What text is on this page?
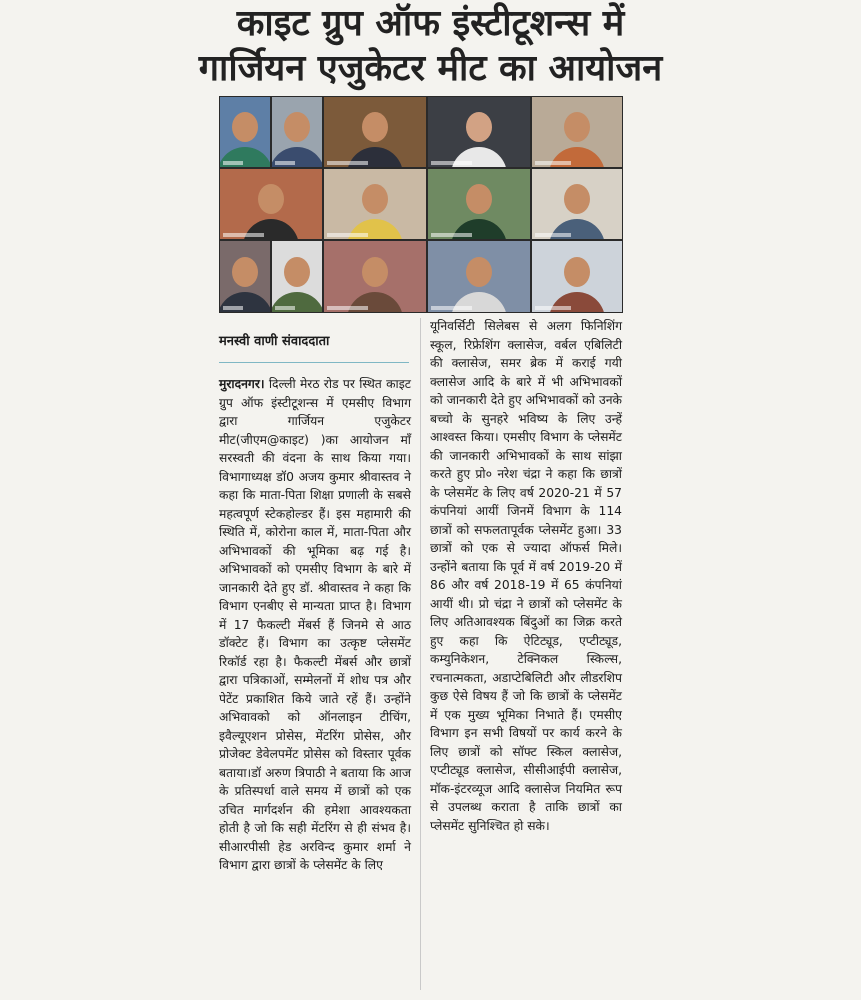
काइट ग्रुप ऑफ इंस्टीटूशन्स में
गार्जियन एजुकेटर मीट का आयोजन
मनस्वी वाणी संवाददाता
मुरादनगर। दिल्ली मेरठ रोड पर स्थित काइट ग्रुप ऑफ इंस्टीटूशन्स में एमसीए विभाग द्वारा गार्जियन एजुकेटर मीट(जीएम@काइट) )का आयोजन माँ सरस्वती की वंदना के साथ किया गया। विभागाध्यक्ष डॉ0 अजय कुमार श्रीवास्तव ने कहा कि माता-पिता शिक्षा प्रणाली के सबसे महत्वपूर्ण स्टेकहोल्डर हैं। इस महामारी की स्थिति में, कोरोना काल में, माता-पिता और अभिभावकों की भूमिका बढ़ गई है। अभिभावकों को एमसीए विभाग के बारे में जानकारी देते हुए डॉ. श्रीवास्तव ने कहा कि विभाग एनबीए से मान्यता प्राप्त है। विभाग में 17 फैकल्टी मेंबर्स हैं जिनमे से आठ डॉक्टेट हैं। विभाग का उत्कृष्ट प्लेसमेंट रिकॉर्ड रहा है। फैकल्टी मेंबर्स और छात्रों द्वारा पत्रिकाओं, सम्मेलनों में शोध पत्र और पेटेंट प्रकाशित किये जाते रहें हैं। उन्होंने अभिवावको को ऑनलाइन टीचिंग, इवैल्यूएशन प्रोसेस, मेंटरिंग प्रोसेस, और प्रोजेक्ट डेवेलपमेंट प्रोसेस को विस्तार पूर्वक बताया।डॉ अरुण त्रिपाठी ने बताया कि आज के प्रतिस्पर्धा वाले समय में छात्रों को एक उचित मार्गदर्शन की हमेशा आवश्यकता होती है जो कि सही मेंटरिंग से ही संभव है। सीआरपीसी हेड अरविन्द कुमार शर्मा ने विभाग द्वारा छात्रों के प्लेसमेंट के लिए
यूनिवर्सिटी सिलेबस से अलग फिनिशिंग स्कूल, रिफ्रेशिंग क्लासेज, वर्बल एबिलिटी की क्लासेज, समर ब्रेक में कराई गयी क्लासेज आदि के बारे में भी अभिभावकों को जानकारी देते हुए अभिभावकों को उनके बच्चो के सुनहरे भविष्य के लिए उन्हें आश्वस्त किया। एमसीए विभाग के प्लेसमेंट की जानकारी अभिभावकों के साथ सांझा करते हुए प्रो० नरेश चंद्रा ने कहा कि छात्रों के प्लेसमेंट के लिए वर्ष 2020-21 में 57 कंपनियां आयीं जिनमें विभाग के 114 छात्रों को सफलतापूर्वक प्लेसमेंट हुआ। 33 छात्रों को एक से ज्यादा ऑफर्स मिले। उन्होंने बताया कि पूर्व में वर्ष 2019-20 में 86 और वर्ष 2018-19 में 65 कंपनियां आयीं थी। प्रो चंद्रा ने छात्रों को प्लेसमेंट के लिए अतिआवश्यक बिंदुओं का जिक्र करते हुए कहा कि ऐटिट्यूड, एप्टीट्यूड, कम्युनिकेशन, टेक्निकल स्किल्स, रचनात्मकता, अडाप्टेबिलिटी और लीडरशिप कुछ ऐसे विषय हैं जो कि छात्रों के प्लेसमेंट में एक मुख्य भूमिका निभाते हैं। एमसीए विभाग इन सभी विषयों पर कार्य करने के लिए छात्रों को सॉफ्ट स्किल क्लासेज, एप्टीट्यूड क्लासेज, सीसीआईपी क्लासेज, मॉक-इंटरव्यूज आदि क्लासेज नियमित रूप से उपलब्ध कराता है ताकि छात्रों का प्लेसमेंट सुनिश्चित हो सके।
